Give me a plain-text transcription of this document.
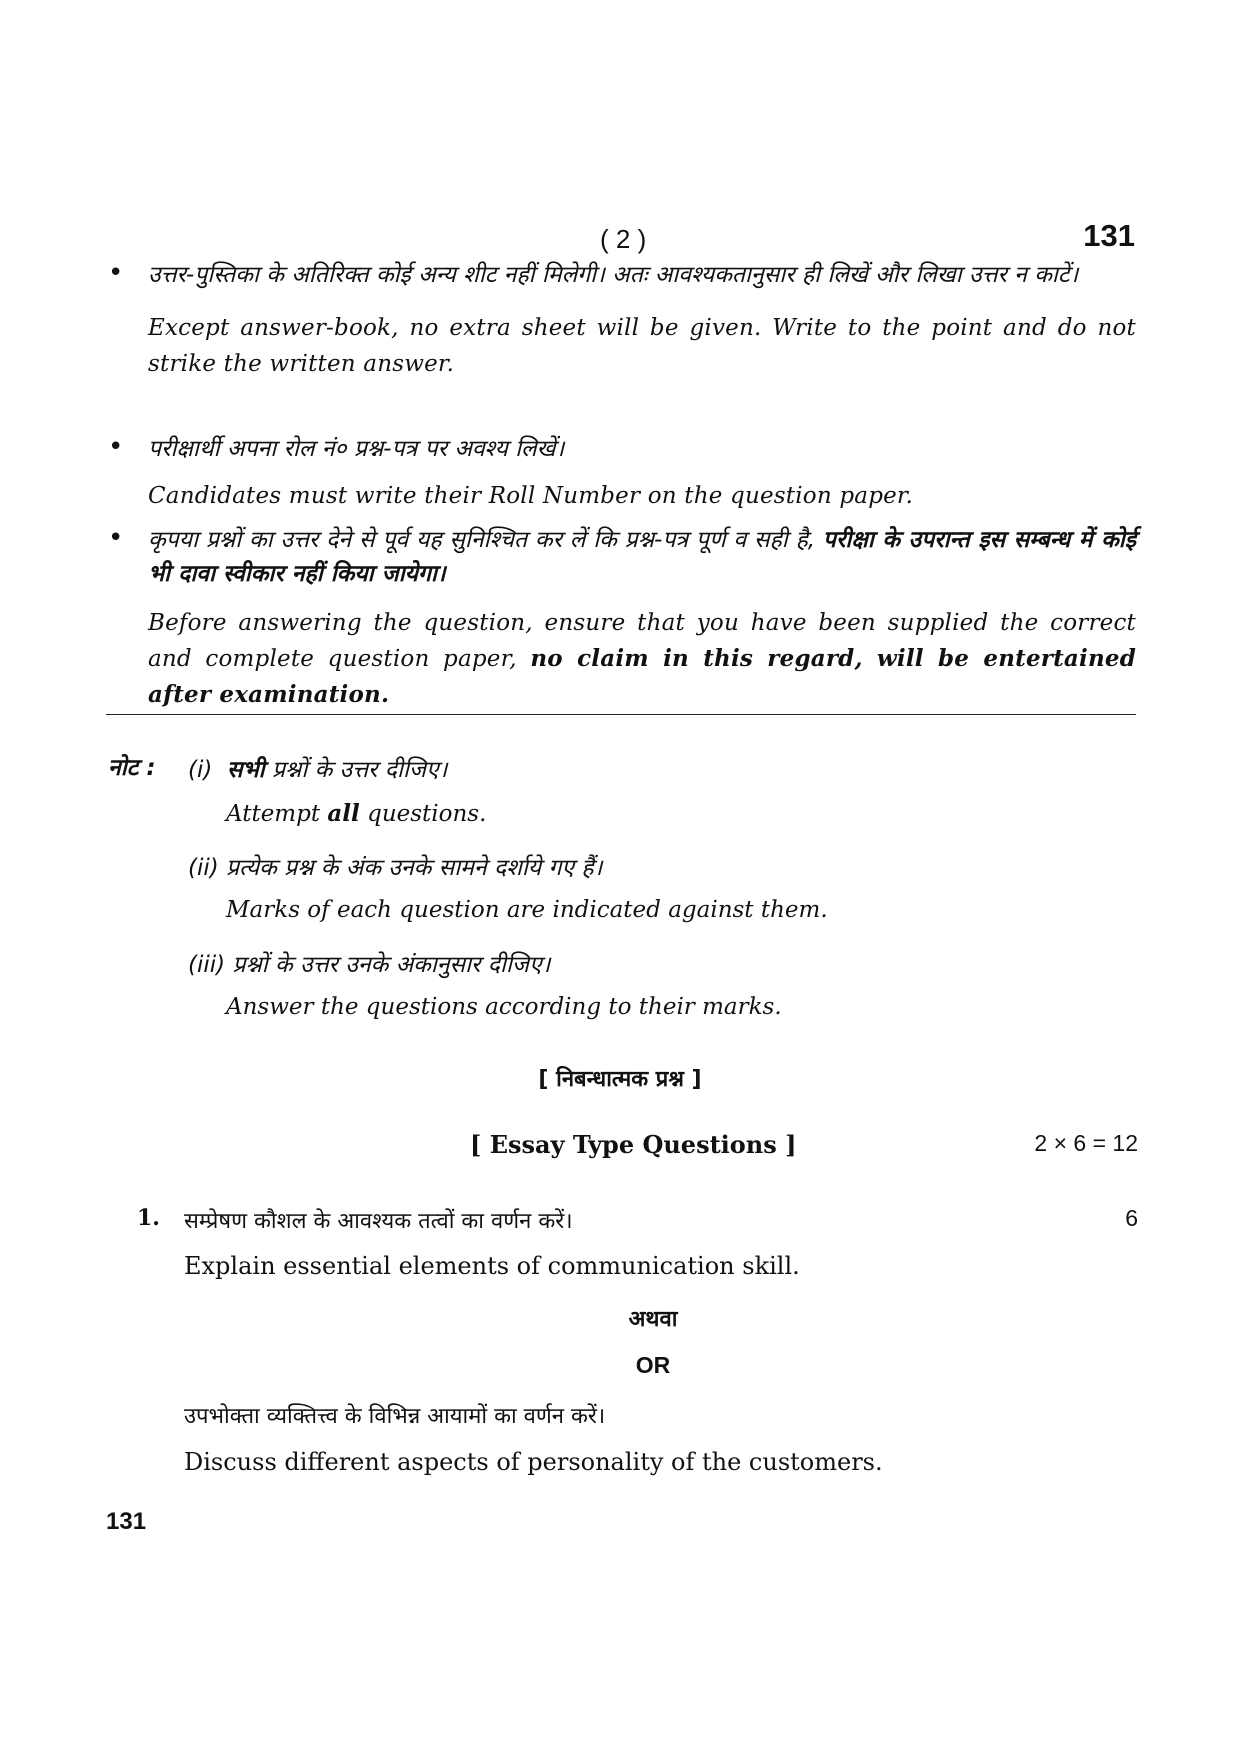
( 2 )	131
•	उत्तर-पुस्तिका के अतिरिक्त कोई अन्य शीट नहीं मिलेगी। अतः आवश्यकतानुसार ही लिखें और लिखा उत्तर न काटें।
Except answer-book, no extra sheet will be given. Write to the point and do not strike the written answer.
•	परीक्षार्थी अपना रोल नं० प्रश्न-पत्र पर अवश्य लिखें।
Candidates must write their Roll Number on the question paper.
•	कृपया प्रश्नों का उत्तर देने से पूर्व यह सुनिश्चित कर लें कि प्रश्न-पत्र पूर्ण व सही है, परीक्षा के उपरान्त इस सम्बन्ध में कोई भी दावा स्वीकार नहीं किया जायेगा।
Before answering the question, ensure that you have been supplied the correct and complete question paper, no claim in this regard, will be entertained after examination.
नोट : (i) सभी प्रश्नों के उत्तर दीजिए।
Attempt all questions.
(ii) प्रत्येक प्रश्न के अंक उनके सामने दर्शाये गए हैं।
Marks of each question are indicated against them.
(iii) प्रश्नों के उत्तर उनके अंकानुसार दीजिए।
Answer the questions according to their marks.
[ निबन्धात्मक प्रश्न ]
[ Essay Type Questions ]	2 × 6 = 12
1. सम्प्रेषण कौशल के आवश्यक तत्वों का वर्णन करें।	6
Explain essential elements of communication skill.
अथवा
OR
उपभोक्ता व्यक्तित्त्व के विभिन्न आयामों का वर्णन करें।
Discuss different aspects of personality of the customers.
131
